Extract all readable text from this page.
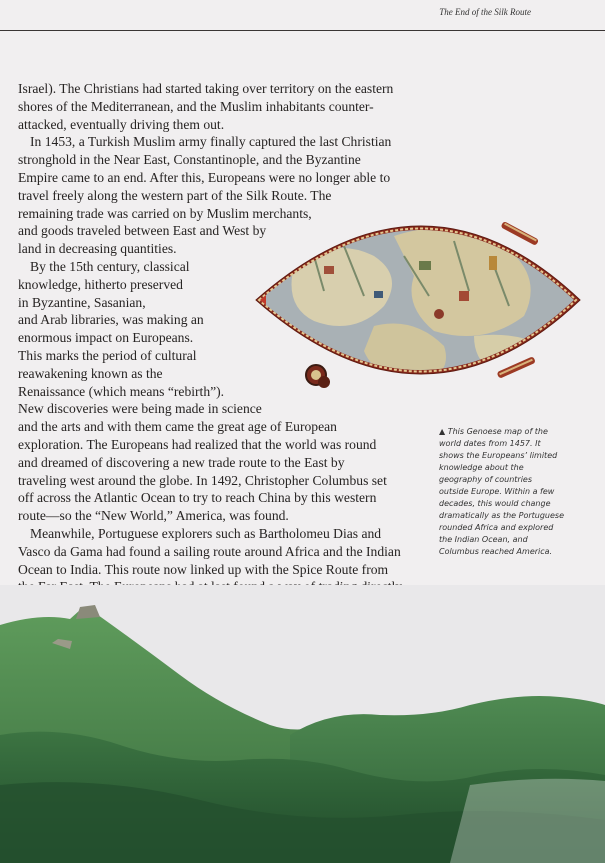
The End of the Silk Route
Israel). The Christians had started taking over territory on the eastern
shores of the Mediterranean, and the Muslim inhabitants counter-
attacked, eventually driving them out.
In 1453, a Turkish Muslim army finally captured the last Christian
stronghold in the Near East, Constantinople, and the Byzantine
Empire came to an end. After this, Europeans were no longer able to
travel freely along the western part of the Silk Route. The
remaining trade was carried on by Muslim merchants,
and goods traveled between East and West by
land in decreasing quantities.
By the 15th century, classical
knowledge, hitherto preserved
in Byzantine, Sasanian,
and Arab libraries, was making an
enormous impact on Europeans.
This marks the period of cultural
reawakening known as the
Renaissance (which means “rebirth”).
New discoveries were being made in science
and the arts and with them came the great age of European
exploration. The Europeans had realized that the world was round
and dreamed of discovering a new trade route to the East by
traveling west around the globe. In 1492, Christopher Columbus set
off across the Atlantic Ocean to try to reach China by this western
route—so the “New World,” America, was found.
Meanwhile, Portuguese explorers such as Bartholomeu Dias and
Vasco da Gama had found a sailing route around Africa and the Indian
Ocean to India. This route now linked up with the Spice Route from
▲ This Genoese map of the
world dates from 1457. It
shows the Europeans’ limited
knowledge about the
geography of countries
outside Europe. Within a few
decades, this would change
dramatically as the Portuguese
rounded Africa and explored
the Indian Ocean, and
Columbus reached America.
